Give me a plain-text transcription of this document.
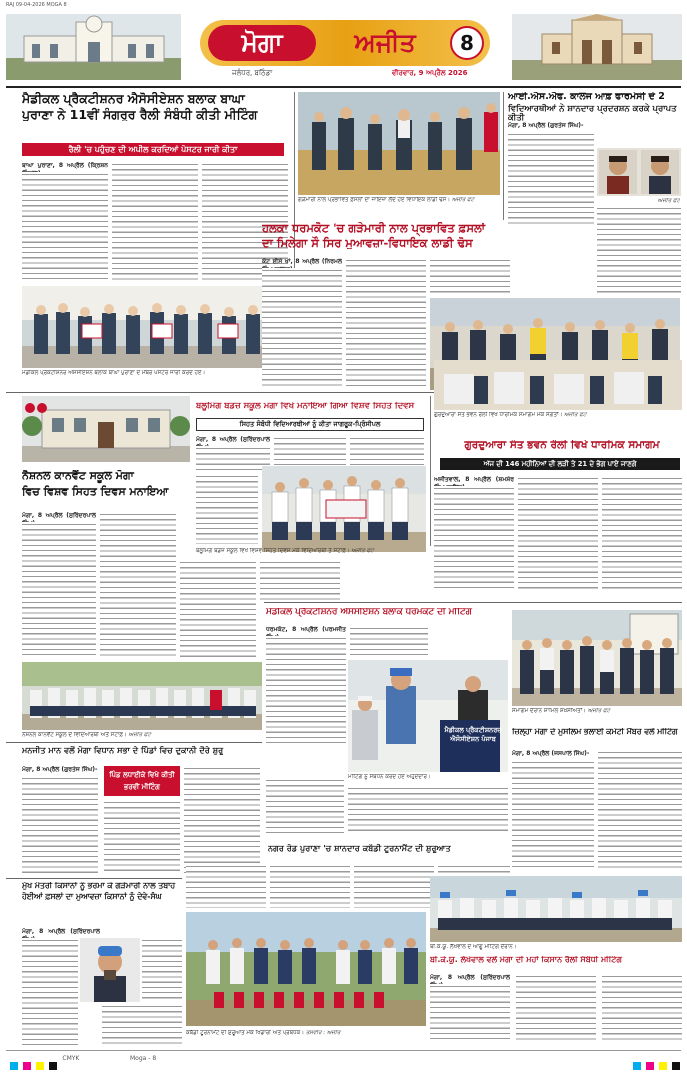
RAJ 09-04-2026 MOGA 8
ਮੋਗਾ	ਅਜੀਤ	8
ਜਲੰਧਰ, ਬਠਿੰਡਾ	ਵੀਰਵਾਰ, 9 ਅਪ੍ਰੈਲ 2026
ਮੈਡੀਕਲ ਪ੍ਰੈਕਟੀਸ਼ਨਰ ਐਸੋਸੀਏਸ਼ਨ ਬਲਾਕ ਬਾਘਾ
ਪੁਰਾਣਾ ਨੇ 11ਵੀਂ ਸੰਗਰੂਰ ਰੈਲੀ ਸੰਬੰਧੀ ਕੀਤੀ ਮੀਟਿੰਗ
ਰੈਲੀ 'ਚ ਪਹੁੰਚਣ ਦੀ ਅਪੀਲ ਕਰਦਿਆਂ ਪੋਸਟਰ ਜਾਰੀ ਕੀਤਾ
ਬਾਘਾ ਪੁਰਾਣਾ, 8 ਅਪ੍ਰੈਲ (ਕ੍ਰਿਸ਼ਨ
ਮੈਡੀਕਲ ਪ੍ਰੈਕਟੀਸ਼ਨਰ ਐਸੋਸੀਏਸ਼ਨ ਬਲਾਕ ਬਾਘਾ ਪੁਰਾਣਾ ਦੇ ਮੈਂਬਰ ਪੋਸਟਰ ਜਾਰੀ ਕਰਦੇ ਹੋਏ।
ਗੜੇਮਾਰੀ ਨਾਲ ਪ੍ਰਭਾਵਿਤ ਫ਼ਸਲਾਂ ਦਾ ਜਾਇਜ਼ਾ ਲੈਂਦੇ ਹੋਏ ਵਿਧਾਇਕ ਲਾਡੀ ਢੋਸ। ਅਜੀਤ ਫੋਟੋ
ਹਲਕਾ ਧਰਮਕੋਟ 'ਚ ਗੜੇਮਾਰੀ ਨਾਲ ਪ੍ਰਭਾਵਿਤ ਫ਼ਸਲਾਂ
ਦਾ ਮਿਲੇਗਾ ਸੌ ਸਿਰ ਮੁਆਵਜ਼ਾ-ਵਿਧਾਇਕ ਲਾਡੀ ਢੋਸ
ਕੋਟ ਈਸੇ ਖਾਂ, 8 ਅਪ੍ਰੈਲ (ਨਿਰਮਲ
ਆਈ.ਐਸ.ਐਫ. ਕਾਲਜ ਆਫ਼ ਫਾਰਮੇਸੀ ਦੇ 2
ਵਿਦਿਆਰਥੀਆਂ ਨੇ ਸ਼ਾਨਦਾਰ ਪ੍ਰਦਰਸ਼ਨ ਕਰਕੇ ਪ੍ਰਾਪਤ ਕੀਤੀ
ਮੋਗਾ, 8 ਅਪ੍ਰੈਲ (ਗੁਰਤੇਜ ਸਿੰਘ)-
ਅਜੀਤ ਫੋਟੋ
ਬਲੂਮਿੰਗ ਬਡਜ਼ ਸਕੂਲ ਮੋਗਾ ਵਿਖੇ ਮਨਾਇਆ ਗਿਆ ਵਿਸ਼ਵ ਸਿਹਤ ਦਿਵਸ
ਸਿਹਤ ਸੰਬੰਧੀ ਵਿਦਿਆਰਥੀਆਂ ਨੂੰ ਕੀਤਾ ਜਾਗਰੂਕ-ਪ੍ਰਿੰਸੀਪਲ
ਮੋਗਾ, 8 ਅਪ੍ਰੈਲ (ਸੁਰਿੰਦਰਪਾਲ
ਬਲੂਮਿੰਗ ਬਡਜ਼ ਸਕੂਲ ਵਿਖੇ ਵਿਸ਼ਵ ਸਿਹਤ ਦਿਵਸ ਮੌਕੇ ਵਿਦਿਆਰਥੀ ਤੇ ਸਟਾਫ਼। ਅਜੀਤ ਫੋਟੋ
ਨੈਸ਼ਨਲ ਕਾਨਵੈਂਟ ਸਕੂਲ ਮੋਗਾ
ਵਿਚ ਵਿਸ਼ਵ ਸਿਹਤ ਦਿਵਸ ਮਨਾਇਆ
ਮੋਗਾ, 8 ਅਪ੍ਰੈਲ (ਸੁਰਿੰਦਰਪਾਲ
ਨੈਸ਼ਨਲ ਕਾਨਵੈਂਟ ਸਕੂਲ ਦੇ ਵਿਦਿਆਰਥੀ ਅਤੇ ਸਟਾਫ਼। ਅਜੀਤ ਫੋਟੋ
ਗੁਰਦੁਆਰਾ ਸੰਤ ਭਵਨ ਰੌਲੀ ਵਿਖੇ ਧਾਰਮਿਕ ਸਮਾਗਮ ਮੌਕੇ ਸੰਗਤਾਂ। ਅਜੀਤ ਫੋਟੋ
ਗੁਰਦੁਆਰਾ ਸੰਤ ਭਵਨ ਰੌਲੀ ਵਿਖੇ ਧਾਰਮਿਕ ਸਮਾਗਮ
ਅੱਜ ਦੀ 146 ਮਹੀਨਿਆਂ ਦੀ ਲੜੀ ਤੇ 21 ਦੇ ਭੋਗ ਪਾਏ ਜਾਣਗੇ
ਅਜੀਤਵਾਲ, 8 ਅਪ੍ਰੈਲ (ਸ਼ਮਸ਼ੇਰ
ਮੈਡੀਕਲ ਪ੍ਰੈਕਟੀਸ਼ਨਰ ਐਸੋਸੀਏਸ਼ਨ ਬਲਾਕ ਧਰਮਕੋਟ ਦੀ ਮੀਟਿੰਗ
ਧਰਮਕੋਟ, 8 ਅਪ੍ਰੈਲ (ਪਰਮਜੀਤ
ਮੈਡੀਕਲ ਪ੍ਰੈਕਟੀਸ਼ਨਰਜ਼
ਐਸੋਸੀਏਸ਼ਨ ਪੰਜਾਬ
ਮੀਟਿੰਗ ਨੂੰ ਸੰਬੋਧਨ ਕਰਦੇ ਹੋਏ ਅਹੁਦੇਦਾਰ।
ਸਮਾਗਮ ਦੌਰਾਨ ਸ਼ਾਮਿਲ ਸ਼ਖ਼ਸੀਅਤਾਂ। ਅਜੀਤ ਫੋਟੋ
ਜ਼ਿਲ੍ਹਾ ਮੋਗਾ ਦੇ ਮੁਸਲਿਮ ਭਲਾਈ ਕਮੇਟੀ ਮੈਂਬਰ ਵਲੋਂ ਮੀਟਿੰਗ
ਮੋਗਾ, 8 ਅਪ੍ਰੈਲ (ਜਸਪਾਲ ਸਿੰਘ)-
ਮਨਜੀਤ ਮਾਨ ਵਲੋਂ ਮੋਗਾ ਵਿਧਾਨ ਸਭਾ ਦੇ ਪਿੰਡਾਂ ਵਿਚ ਦੁਕਾਨੀ ਦੌਰੇ ਸ਼ੁਰੂ
ਮੋਗਾ, 8 ਅਪ੍ਰੈਲ (ਗੁਰਤੇਜ ਸਿੰਘ)-
ਪਿੰਡ ਲਧਾਈਕੇ ਵਿਖੇ ਕੀਤੀ ਭਰਵੀਂ ਮੀਟਿੰਗ
ਨਗਰ ਰੋਡ ਪੁਰਾਣਾ 'ਚ ਸ਼ਾਨਦਾਰ ਕਬੱਡੀ ਟੂਰਨਾਮੈਂਟ ਦੀ ਸ਼ੁਰੂਆਤ
ਕਬੱਡੀ ਟੂਰਨਾਮੈਂਟ ਦੀ ਸ਼ੁਰੂਆਤ ਮੌਕੇ ਖਿਡਾਰੀ ਅਤੇ ਪ੍ਰਬੰਧਕ। ਤਸਵੀਰ : ਅਜੀਤ
ਮੁੱਖ ਮੰਤਰੀ ਕਿਸਾਨਾਂ ਨੂੰ ਭਰਮਾ ਕੇ ਗੜੇਮਾਰੀ ਨਾਲ ਤਬਾਹ
ਹੋਈਆਂ ਫ਼ਸਲਾਂ ਦਾ ਮੁਆਵਜ਼ਾ ਕਿਸਾਨਾਂ ਨੂੰ ਦੇਵੇ-ਸੰਘ
ਮੋਗਾ, 8 ਅਪ੍ਰੈਲ (ਸੁਰਿੰਦਰਪਾਲ
ਬੀ.ਕੇ.ਯੂ. ਲੱਖੋਵਾਲ ਦੇ ਆਗੂ ਮੀਟਿੰਗ ਦੌਰਾਨ।
ਬੀ.ਕੇ.ਯੂ. ਲੱਖੋਵਾਲ ਵਲੋਂ ਮੋਗਾ ਦੀ ਮਹਾਂ ਕਿਸਾਨ ਰੈਲੀ ਸੰਬੰਧੀ ਮੀਟਿੰਗ
ਮੋਗਾ, 8 ਅਪ੍ਰੈਲ (ਸੁਰਿੰਦਰਪਾਲ
$^{CMYK}$	Moga - 8
